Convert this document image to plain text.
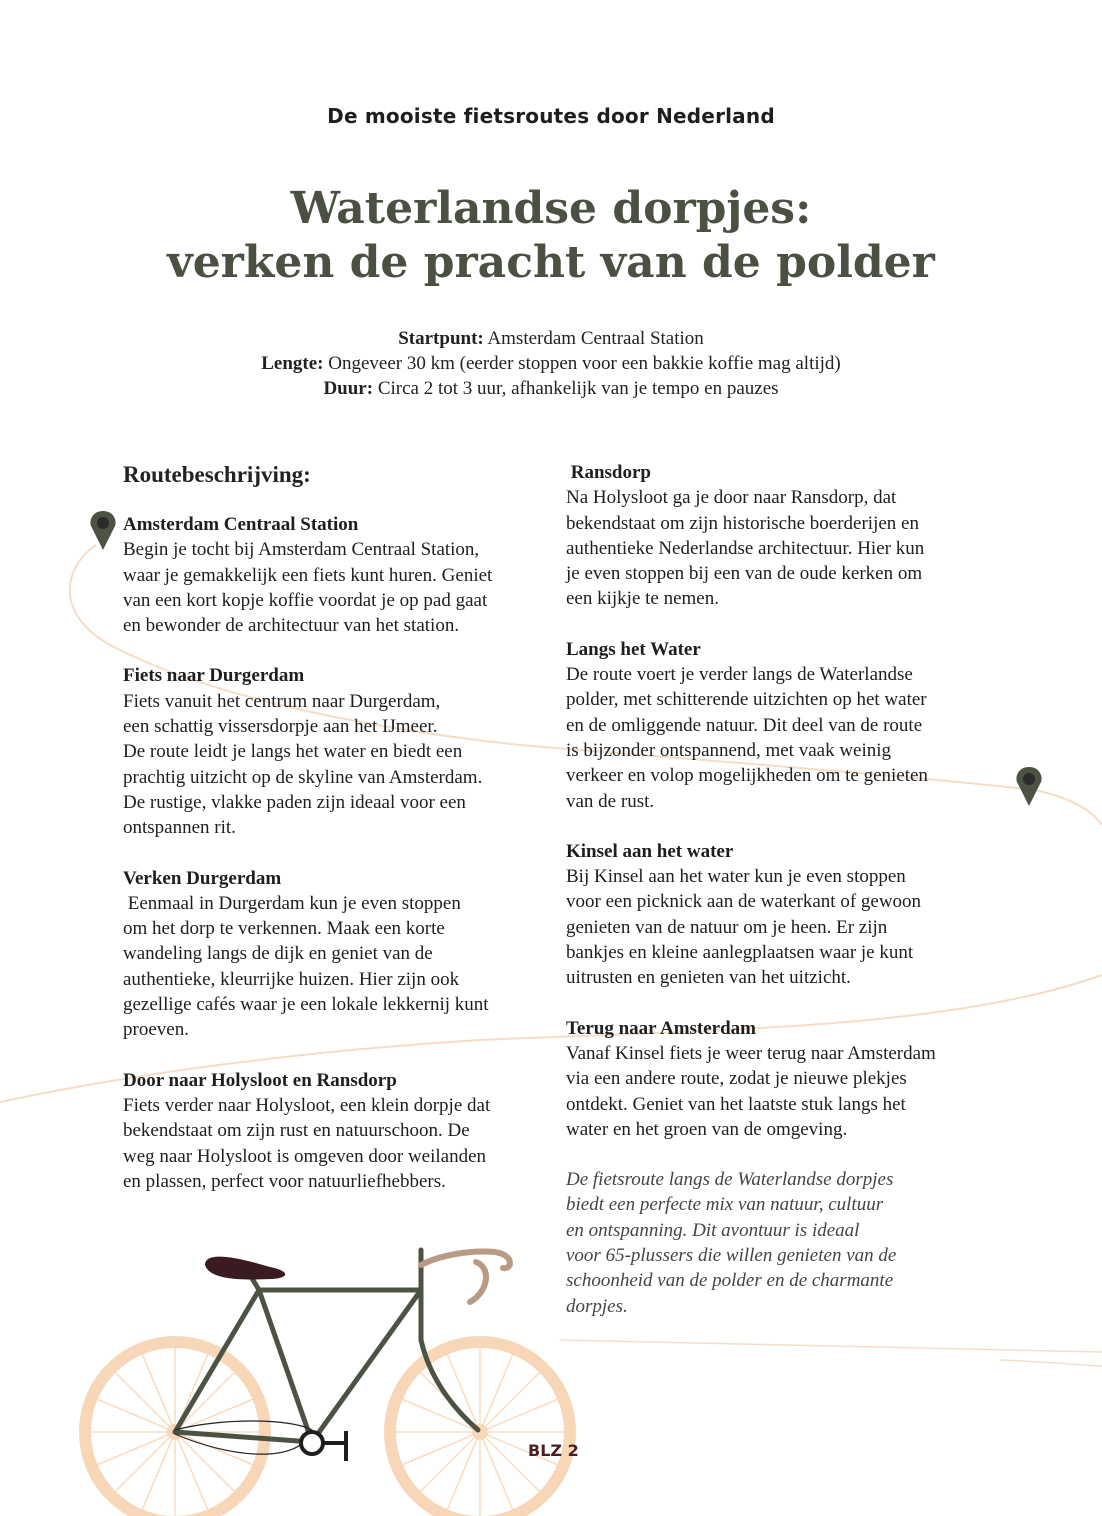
De mooiste fietsroutes door Nederland
Waterlandse dorpjes:
verken de pracht van de polder
Startpunt: Amsterdam Centraal Station
Lengte: Ongeveer 30 km (eerder stoppen voor een bakkie koffie mag altijd)
Duur: Circa 2 tot 3 uur, afhankelijk van je tempo en pauzes
Routebeschrijving:
Amsterdam Centraal Station
Begin je tocht bij Amsterdam Centraal Station,
waar je gemakkelijk een fiets kunt huren. Geniet
van een kort kopje koffie voordat je op pad gaat
en bewonder de architectuur van het station.
Fiets naar Durgerdam
Fiets vanuit het centrum naar Durgerdam,
een schattig vissersdorpje aan het IJmeer.
De route leidt je langs het water en biedt een
prachtig uitzicht op de skyline van Amsterdam.
De rustige, vlakke paden zijn ideaal voor een
ontspannen rit.
Verken Durgerdam
Eenmaal in Durgerdam kun je even stoppen
om het dorp te verkennen. Maak een korte
wandeling langs de dijk en geniet van de
authentieke, kleurrijke huizen. Hier zijn ook
gezellige cafés waar je een lokale lekkernij kunt
proeven.
Door naar Holysloot en Ransdorp
Fiets verder naar Holysloot, een klein dorpje dat
bekendstaat om zijn rust en natuurschoon. De
weg naar Holysloot is omgeven door weilanden
en plassen, perfect voor natuurliefhebbers.
Ransdorp
Na Holysloot ga je door naar Ransdorp, dat
bekendstaat om zijn historische boerderijen en
authentieke Nederlandse architectuur. Hier kun
je even stoppen bij een van de oude kerken om
een kijkje te nemen.
Langs het Water
De route voert je verder langs de Waterlandse
polder, met schitterende uitzichten op het water
en de omliggende natuur. Dit deel van de route
is bijzonder ontspannend, met vaak weinig
verkeer en volop mogelijkheden om te genieten
van de rust.
Kinsel aan het water
Bij Kinsel aan het water kun je even stoppen
voor een picknick aan de waterkant of gewoon
genieten van de natuur om je heen. Er zijn
bankjes en kleine aanlegplaatsen waar je kunt
uitrusten en genieten van het uitzicht.
Terug naar Amsterdam
Vanaf Kinsel fiets je weer terug naar Amsterdam
via een andere route, zodat je nieuwe plekjes
ontdekt. Geniet van het laatste stuk langs het
water en het groen van de omgeving.
De fietsroute langs de Waterlandse dorpjes
biedt een perfecte mix van natuur, cultuur
en ontspanning. Dit avontuur is ideaal
voor 65-plussers die willen genieten van de
schoonheid van de polder en de charmante
dorpjes.
BLZ 2
